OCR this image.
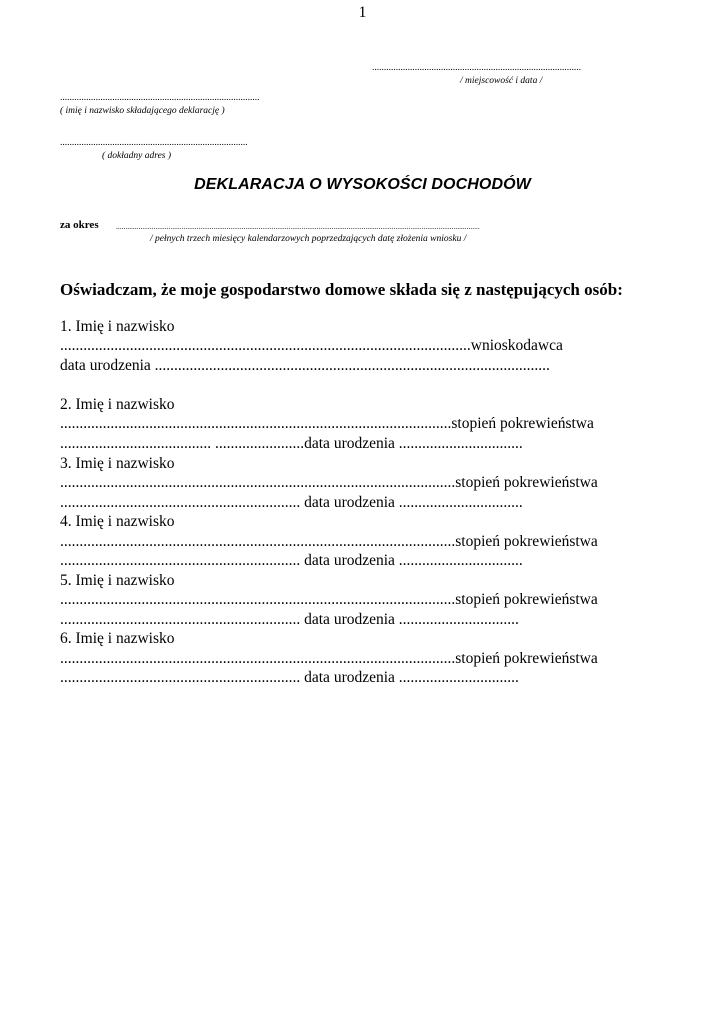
1
........................................................................................
/ miejscowość i data /
....................................................................................
( imię i nazwisko składającego deklarację )
...............................................................................
( dokładny adres )
DEKLARACJA O WYSOKOŚCI DOCHODÓW
za okres ..................................................................................................................................................................................................
/ pełnych trzech miesięcy kalendarzowych poprzedzających datę złożenia wniosku /
Oświadczam, że moje gospodarstwo domowe składa się z następujących osób:
1. Imię i nazwisko
..........................................................................................................wnioskodawca
data urodzenia ......................................................................................................
2. Imię i nazwisko
.....................................................................................................stopień pokrewieństwa
....................................... .......................data urodzenia ................................
3. Imię i nazwisko
......................................................................................................stopień pokrewieństwa
.............................................................. data urodzenia ................................
4. Imię i nazwisko
......................................................................................................stopień pokrewieństwa
.............................................................. data urodzenia ................................
5. Imię i nazwisko
......................................................................................................stopień pokrewieństwa
.............................................................. data urodzenia ...............................
6. Imię i nazwisko
......................................................................................................stopień pokrewieństwa
.............................................................. data urodzenia ...............................
